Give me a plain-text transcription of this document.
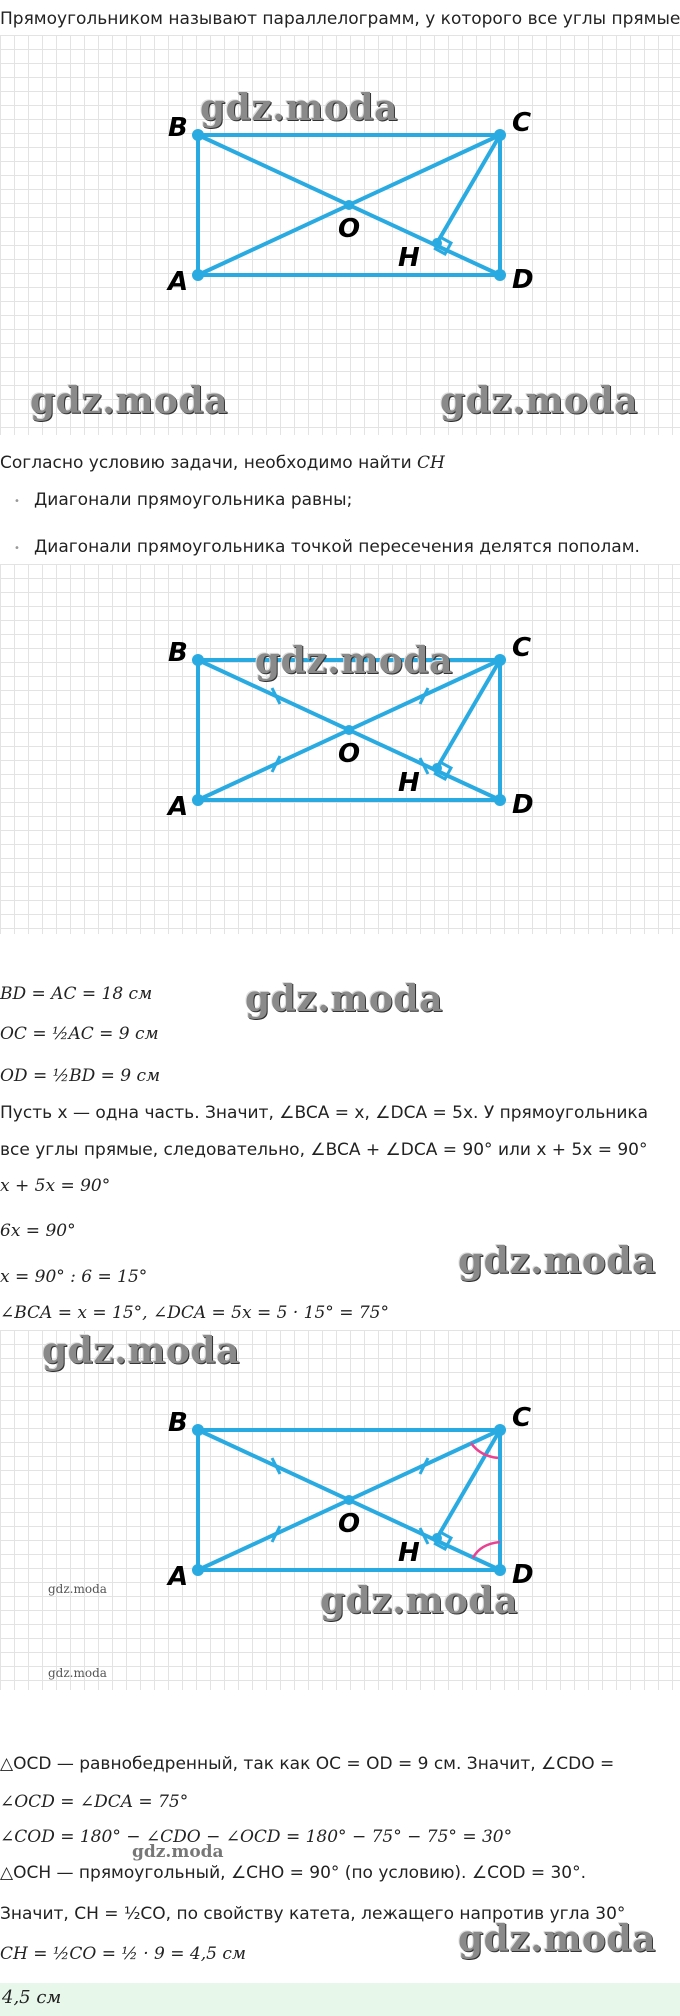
Прямоугольником называют параллелограмм, у которого все углы прямые
B	C
A	D
O
H
gdz.moda
gdz.moda	gdz.moda
Согласно условию задачи, необходимо найти CH
• Диагонали прямоугольника равны;
• Диагонали прямоугольника точкой пересечения делятся пополам.
B	C
A	D
O
H
gdz.moda
BD = AC = 18 см	gdz.moda
OC = ½AC = 9 см
OD = ½BD = 9 см
Пусть x — одна часть. Значит, ∠BCA = x, ∠DCA = 5x. У прямоугольника
все углы прямые, следовательно, ∠BCA + ∠DCA = 90° или x + 5x = 90°
x + 5x = 90°
6x = 90°
x = 90° : 6 = 15°	gdz.moda
∠BCA = x = 15°, ∠DCA = 5x = 5 · 15° = 75°
B	C
A	D
O
H
gdz.moda
gdz.moda
gdz.moda
gdz.moda
△OCD — равнобедренный, так как OC = OD = 9 см. Значит, ∠CDO =
∠OCD = ∠DCA = 75°
∠COD = 180° − ∠CDO − ∠OCD = 180° − 75° − 75° = 30°
gdz.moda
△OCH — прямоугольный, ∠CHO = 90° (по условию). ∠COD = 30°.
Значит, CH = ½CO, по свойству катета, лежащего напротив угла 30°
CH = ½CO = ½ · 9 = 4,5 см	gdz.moda
4,5 см
